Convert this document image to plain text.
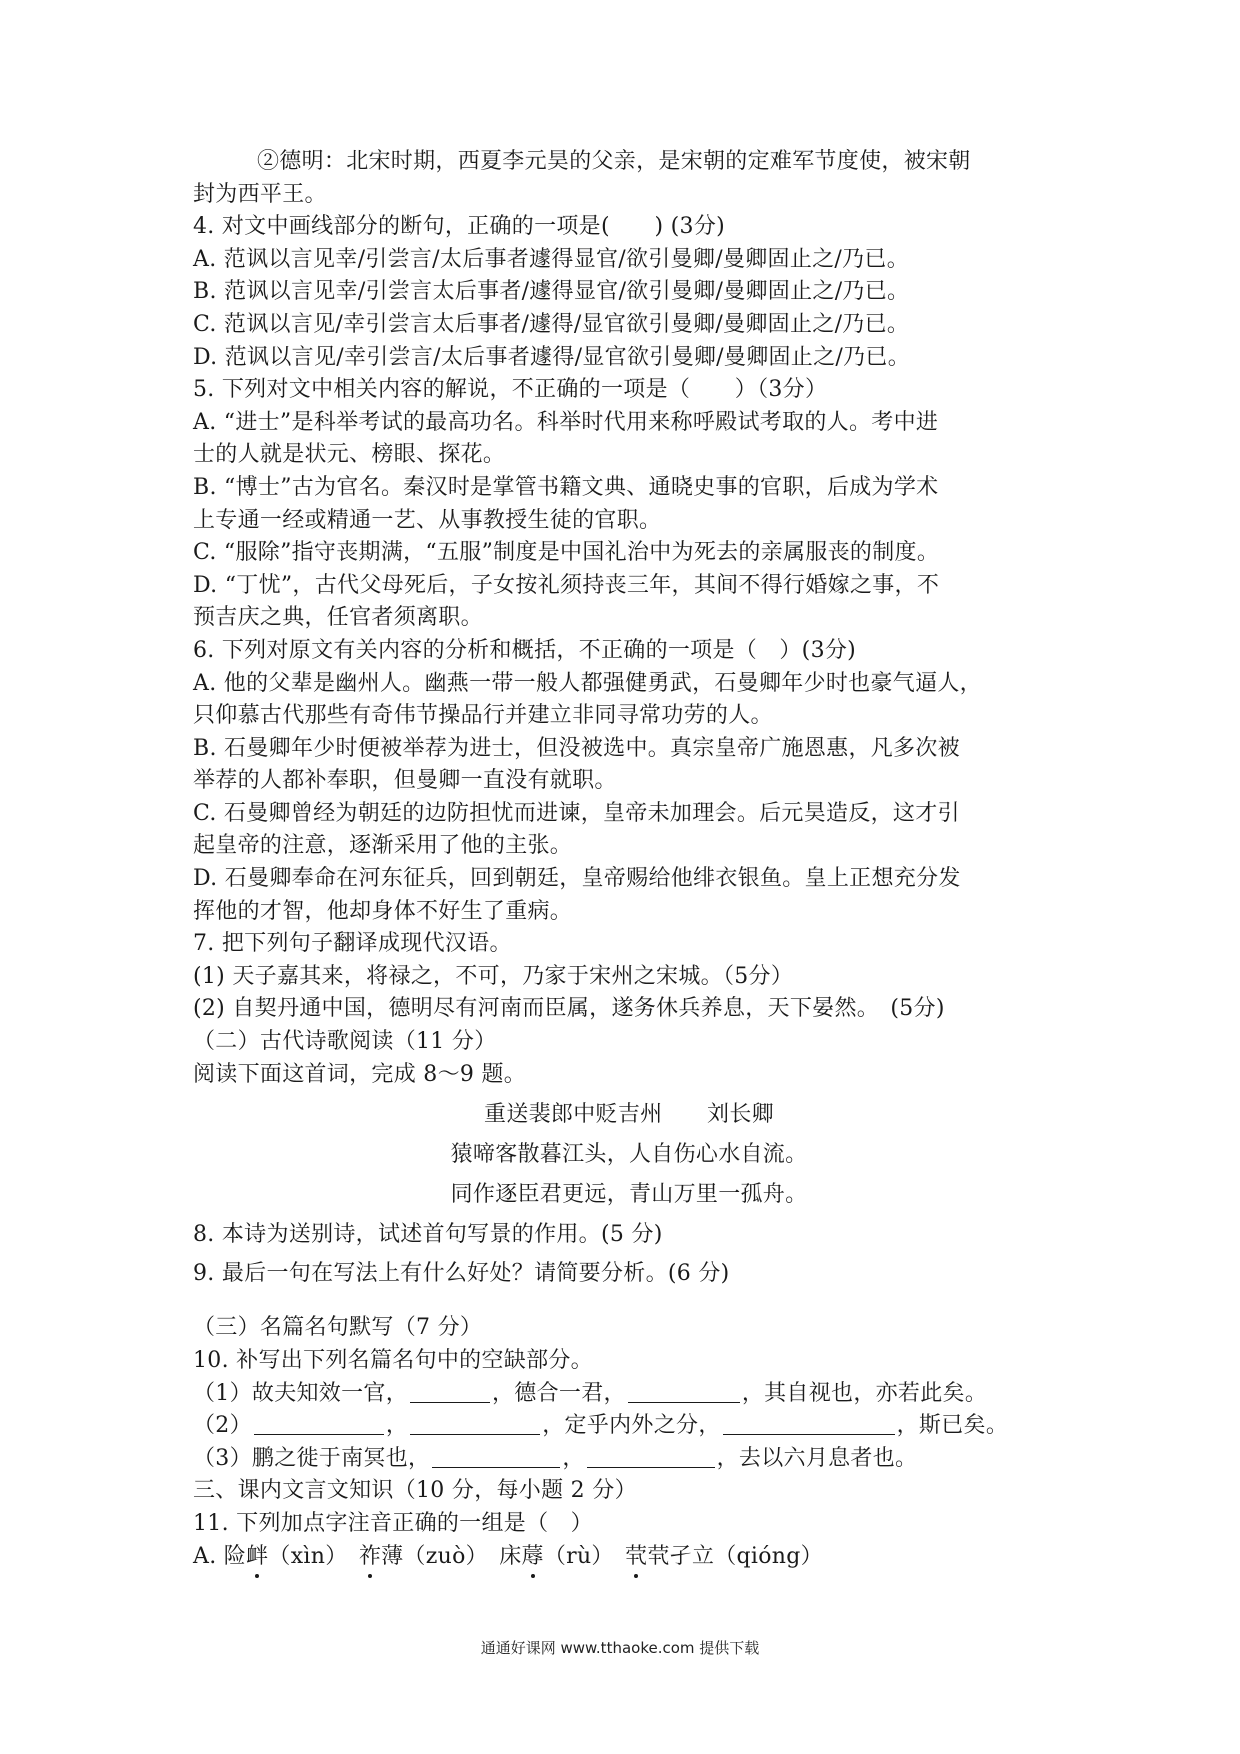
②德明：北宋时期，西夏李元昊的父亲，是宋朝的定难军节度使，被宋朝
封为西平王。
4. 对文中画线部分的断句，正确的一项是(　　) (3分)
A. 范讽以言见幸/引尝言/太后事者遽得显官/欲引曼卿/曼卿固止之/乃已。
B. 范讽以言见幸/引尝言太后事者/遽得显官/欲引曼卿/曼卿固止之/乃已。
C. 范讽以言见/幸引尝言太后事者/遽得/显官欲引曼卿/曼卿固止之/乃已。
D. 范讽以言见/幸引尝言/太后事者遽得/显官欲引曼卿/曼卿固止之/乃已。
5. 下列对文中相关内容的解说，不正确的一项是（　　）（3分）
A. “进士”是科举考试的最高功名。科举时代用来称呼殿试考取的人。考中进
士的人就是状元、榜眼、探花。
B. “博士”古为官名。秦汉时是掌管书籍文典、通晓史事的官职，后成为学术
上专通一经或精通一艺、从事教授生徒的官职。
C. “服除”指守丧期满，“五服”制度是中国礼治中为死去的亲属服丧的制度。
D. “丁忧”，古代父母死后，子女按礼须持丧三年，其间不得行婚嫁之事，不
预吉庆之典，任官者须离职。
6. 下列对原文有关内容的分析和概括，不正确的一项是（　）(3分)
A. 他的父辈是幽州人。幽燕一带一般人都强健勇武，石曼卿年少时也豪气逼人，
只仰慕古代那些有奇伟节操品行并建立非同寻常功劳的人。
B. 石曼卿年少时便被举荐为进士，但没被选中。真宗皇帝广施恩惠，凡多次被
举荐的人都补奉职，但曼卿一直没有就职。
C. 石曼卿曾经为朝廷的边防担忧而进谏，皇帝未加理会。后元昊造反，这才引
起皇帝的注意，逐渐采用了他的主张。
D. 石曼卿奉命在河东征兵，回到朝廷，皇帝赐给他绯衣银鱼。皇上正想充分发
挥他的才智，他却身体不好生了重病。
7. 把下列句子翻译成现代汉语。
(1) 天子嘉其来，将禄之，不可，乃家于宋州之宋城。（5分）
(2) 自契丹通中国，德明尽有河南而臣属，遂务休兵养息，天下晏然。　(5分)
（二）古代诗歌阅读（11 分）
阅读下面这首词，完成 8～9 题。
重送裴郎中贬吉州　　刘长卿
猿啼客散暮江头，人自伤心水自流。
同作逐臣君更远，青山万里一孤舟。
8. 本诗为送别诗，试述首句写景的作用。(5 分)
9. 最后一句在写法上有什么好处？请简要分析。(6 分)
（三）名篇名句默写（7 分）
10. 补写出下列名篇名句中的空缺部分。
（1）故夫知效一官，	，德合一君，	，其自视也，亦若此矣。
（2）	，	，定乎内外之分，	，斯已矣。
（3）鹏之徙于南冥也，	，	，去以六月息者也。
三、课内文言文知识（10 分，每小题 2 分）
11. 下列加点字注音正确的一组是（　）
A. 险衅（xìn）　祚薄（zuò）　床蓐（rù）　茕茕孑立（qióng）
通通好课网 www.tthaoke.com 提供下载
